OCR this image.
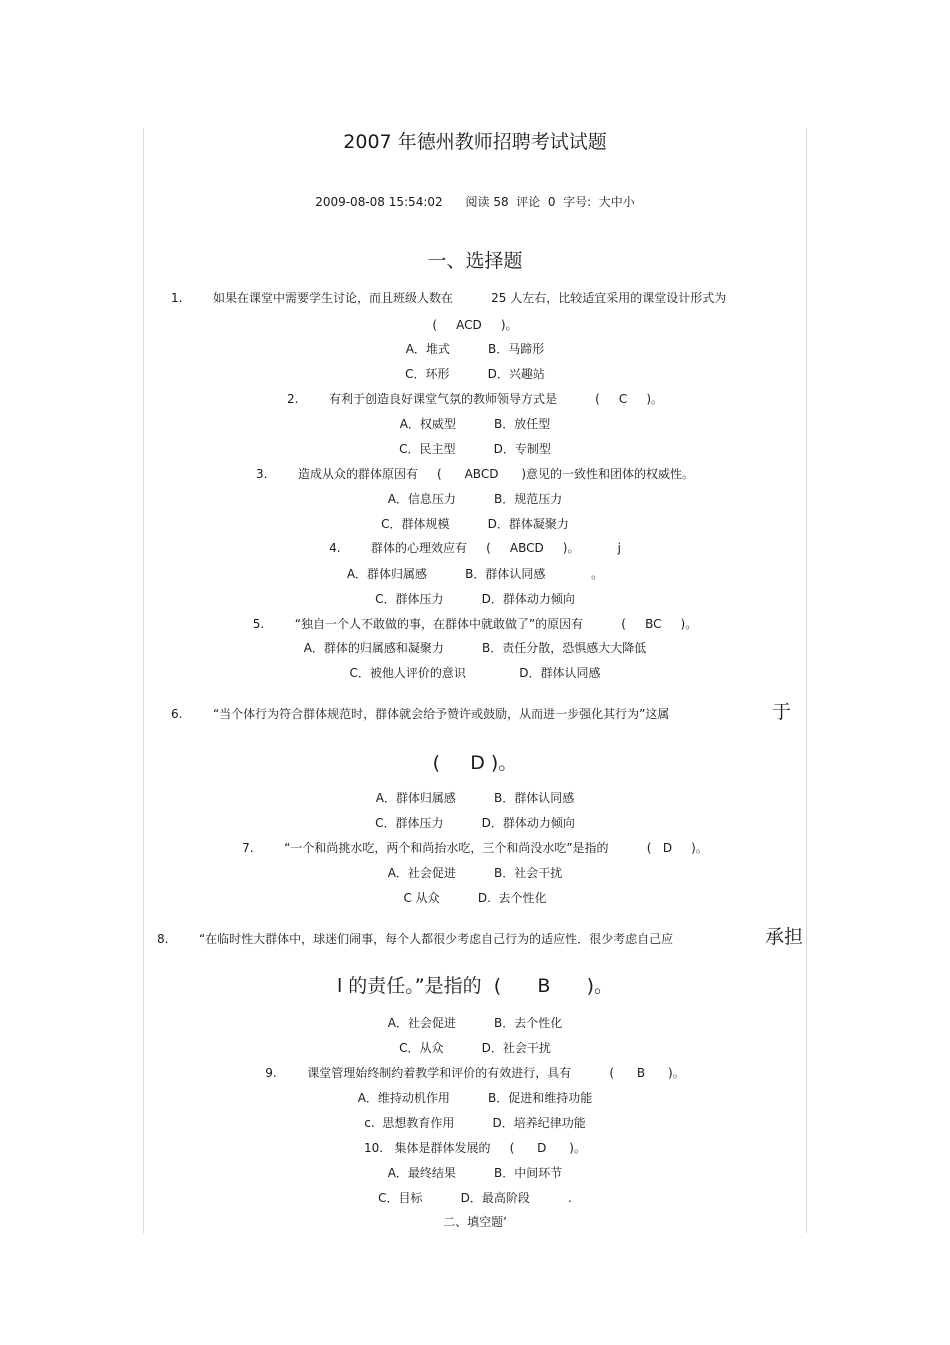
2007 年德州教师招聘考试试题
2009-08-08 15:54:02      阅读 58  评论  0  字号:  大中小
一、选择题
1.        如果在课堂中需要学生讨论，而且班级人数在          25 人左右，比较适宜采用的课堂设计形式为
(     ACD     )。
A．堆式          B．马蹄形
C．环形          D．兴趣站
2.        有利于创造良好课堂气氛的教师领导方式是          (     C     )。
A．权威型          B．放任型
C．民主型          D．专制型
3.        造成从众的群体原因有     (      ABCD      )意见的一致性和团体的权威性。
A．信息压力          B．规范压力
C．群体规模          D．群体凝聚力
4.        群体的心理效应有     (     ABCD     )。          j
A．群体归属感          B．群体认同感            。
C．群体压力          D．群体动力倾向
5.        “独自一个人不敢做的事，在群体中就敢做了”的原因有          (     BC     )。
A．群体的归属感和凝聚力          B．责任分散，恐惧感大大降低
C．被他人评价的意识              D．群体认同感
6.        “当个体行为符合群体规范时，群体就会给予赞许或鼓励，从而进一步强化其行为”这属	于
(     D )。
A．群体归属感          B．群体认同感
C．群体压力          D．群体动力倾向
7.        “一个和尚挑水吃，两个和尚抬水吃，三个和尚没水吃”是指的          (   D     )。
A．社会促进          B．社会干扰
C 从众          D.  去个性化
8.        “在临时性大群体中，球迷们闹事，每个人都很少考虑自己行为的适应性．很少考虑自己应	承担
l 的责任。”是指的  (      B      )。
A．社会促进          B．去个性化
C．从众          D．社会干扰
9.        课堂管理始终制约着教学和评价的有效进行，具有          (      B      )。
A．维持动机作用          B．促进和维持功能
c.  思想教育作用          D．培养纪律功能
10.   集体是群体发展的     (      D      )。
A．最终结果          B．中间环节
C．目标          D．最高阶段          .
二、填空题’
